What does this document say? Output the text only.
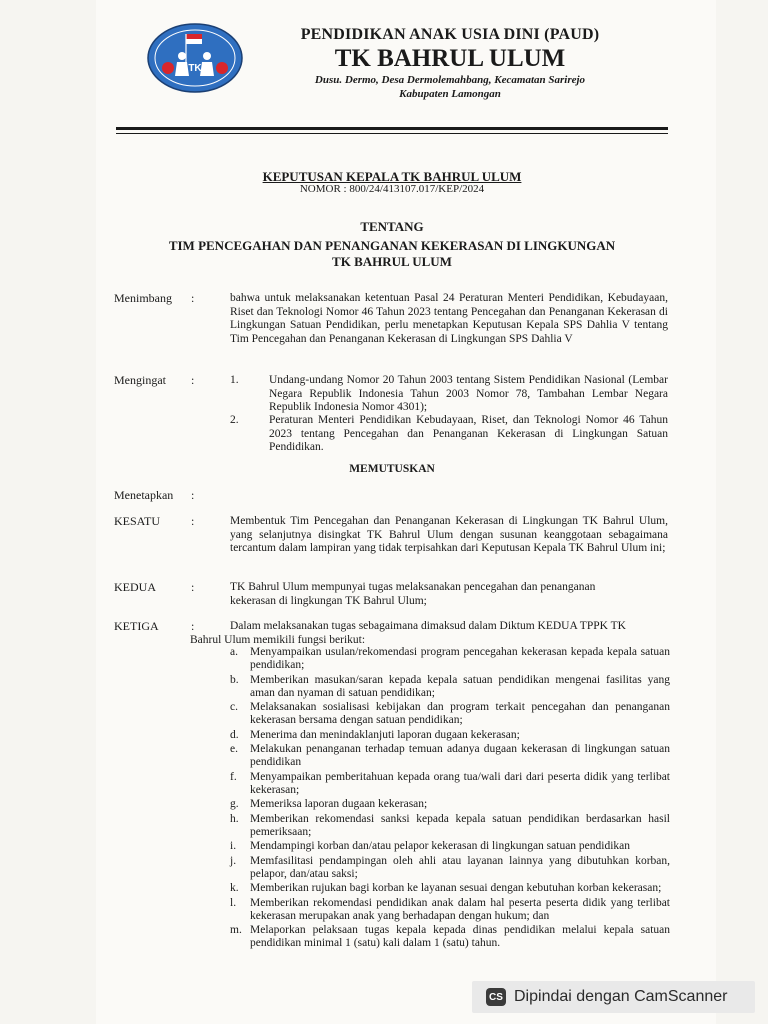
TK
PENDIDIKAN ANAK USIA DINI (PAUD)
TK BAHRUL ULUM
Dusu. Dermo, Desa Dermolemahbang, Kecamatan Sarirejo
Kabupaten Lamongan
KEPUTUSAN KEPALA TK BAHRUL ULUM
NOMOR : 800/24/413107.017/KEP/2024
TENTANG
TIM PENCEGAHAN DAN PENANGANAN KEKERASAN DI LINGKUNGAN
TK BAHRUL ULUM
Menimbang :	bahwa untuk melaksanakan ketentuan Pasal 24 Peraturan Menteri Pendidikan, Kebudayaan, Riset dan Teknologi Nomor 46 Tahun 2023 tentang Pencegahan dan Penanganan Kekerasan di Lingkungan Satuan Pendidikan, perlu menetapkan Keputusan Kepala SPS Dahlia V tentang Tim Pencegahan dan Penanganan Kekerasan di Lingkungan SPS Dahlia V
Mengingat :	1.	Undang-undang Nomor 20 Tahun 2003 tentang Sistem Pendidikan Nasional (Lembar Negara Republik Indonesia Tahun 2003 Nomor 78, Tambahan Lembar Negara Republik Indonesia Nomor 4301);
2.	Peraturan Menteri Pendidikan Kebudayaan, Riset, dan Teknologi Nomor 46 Tahun 2023 tentang Pencegahan dan Penanganan Kekerasan di Lingkungan Satuan Pendidikan.
MEMUTUSKAN
Menetapkan :
KESATU	:	Membentuk Tim Pencegahan dan Penanganan Kekerasan di Lingkungan TK Bahrul Ulum, yang selanjutnya disingkat TK Bahrul Ulum dengan susunan keanggotaan sebagaimana tercantum dalam lampiran yang tidak terpisahkan dari Keputusan Kepala TK Bahrul Ulum ini;
KEDUA	:	TK Bahrul Ulum mempunyai tugas melaksanakan pencegahan dan penanganan kekerasan di lingkungan TK Bahrul Ulum;
KETIGA	:	Dalam melaksanakan tugas sebagaimana dimaksud dalam Diktum KEDUA TPPK TK
Bahrul Ulum memikili fungsi berikut:
a. Menyampaikan usulan/rekomendasi program pencegahan kekerasan kepada kepala satuan pendidikan;
b. Memberikan masukan/saran kepada kepala satuan pendidikan mengenai fasilitas yang aman dan nyaman di satuan pendidikan;
c. Melaksanakan sosialisasi kebijakan dan program terkait pencegahan dan penanganan kekerasan bersama dengan satuan pendidikan;
d. Menerima dan menindaklanjuti laporan dugaan kekerasan;
e. Melakukan penanganan terhadap temuan adanya dugaan kekerasan di lingkungan satuan pendidikan
f. Menyampaikan pemberitahuan kepada orang tua/wali dari dari peserta didik yang terlibat kekerasan;
g. Memeriksa laporan dugaan kekerasan;
h. Memberikan rekomendasi sanksi kepada kepala satuan pendidikan berdasarkan hasil pemeriksaan;
i. Mendampingi korban dan/atau pelapor kekerasan di lingkungan satuan pendidikan
j. Memfasilitasi pendampingan oleh ahli atau layanan lainnya yang dibutuhkan korban, pelapor, dan/atau saksi;
k. Memberikan rujukan bagi korban ke layanan sesuai dengan kebutuhan korban kekerasan;
l. Memberikan rekomendasi pendidikan anak dalam hal peserta peserta didik yang terlibat kekerasan merupakan anak yang berhadapan dengan hukum; dan
m. Melaporkan pelaksaan tugas kepala kepada dinas pendidikan melalui kepala satuan pendidikan minimal 1 (satu) kali dalam 1 (satu) tahun.
CS Dipindai dengan CamScanner
